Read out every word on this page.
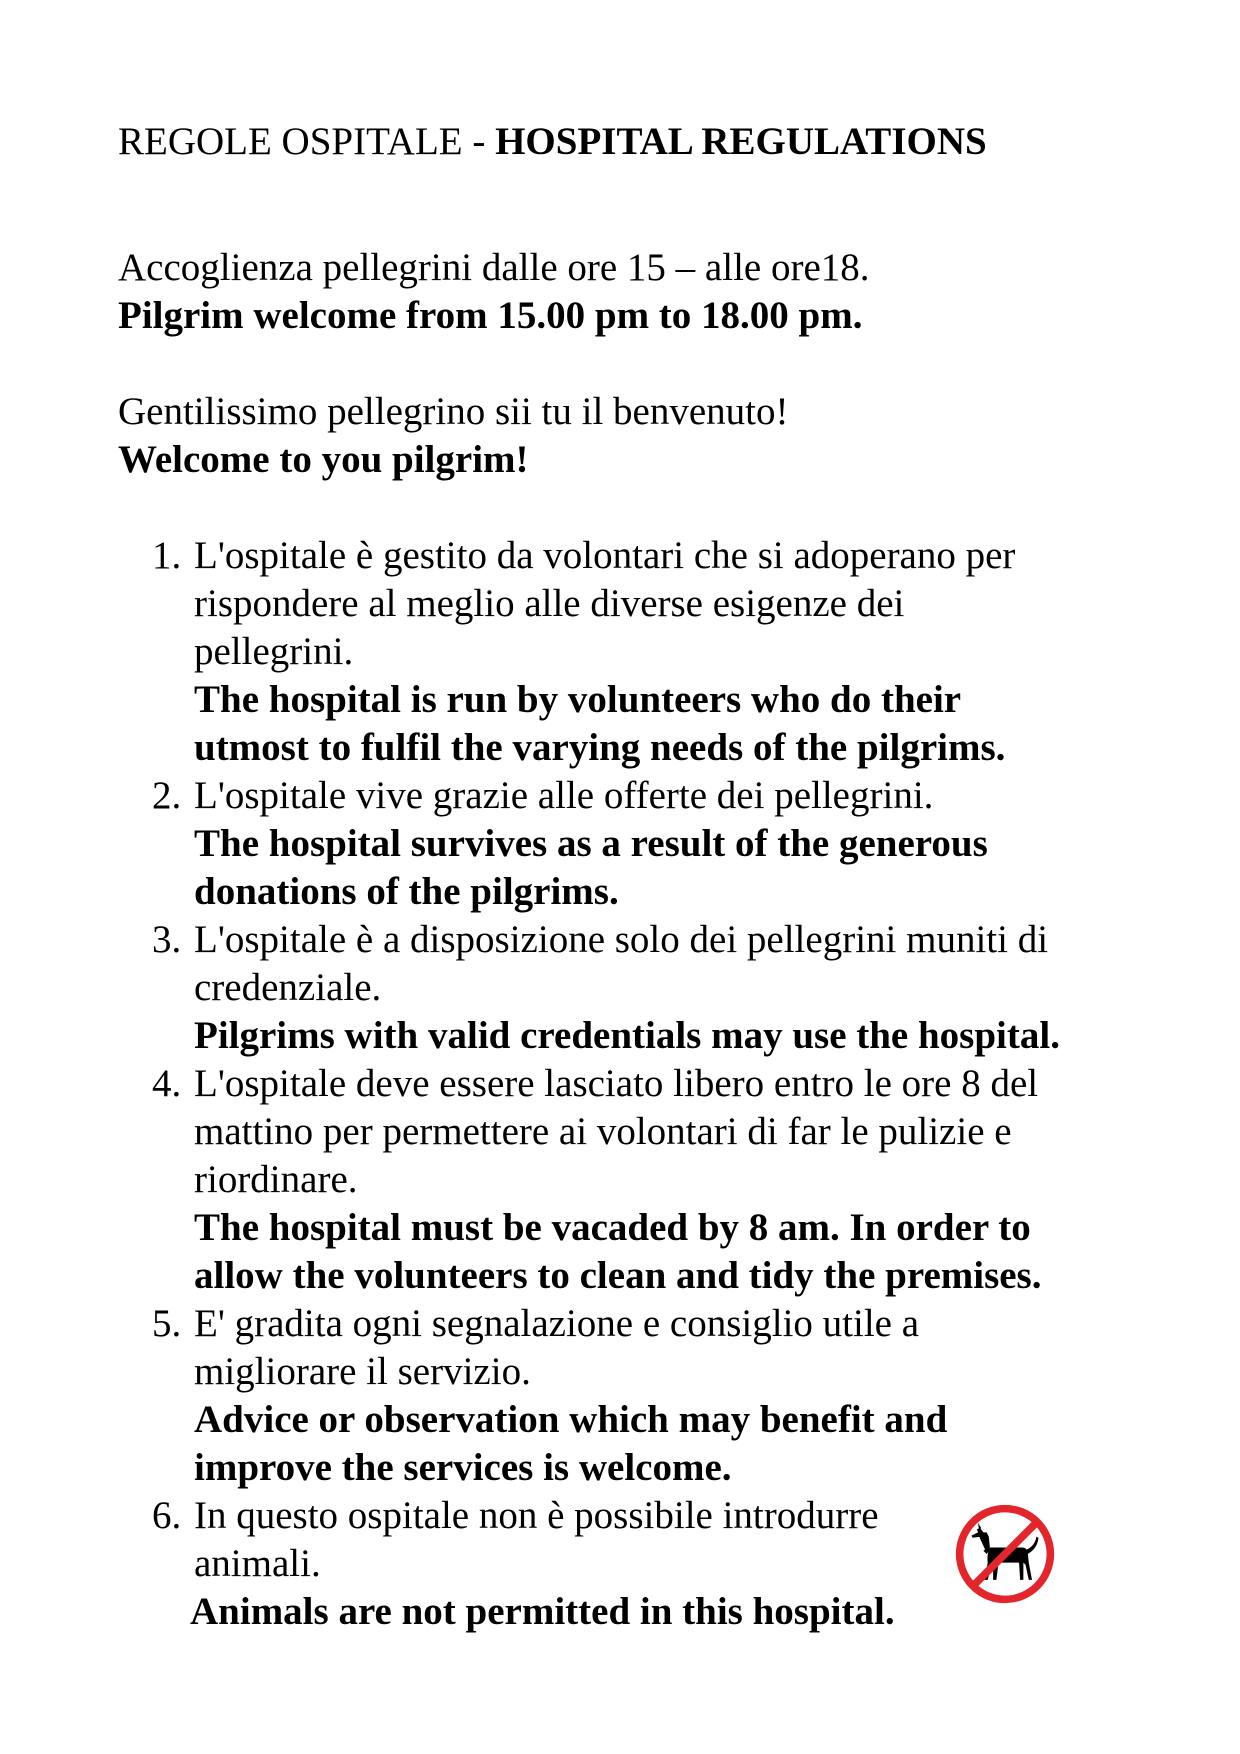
REGOLE OSPITALE - HOSPITAL REGULATIONS
Accoglienza pellegrini dalle ore 15 – alle ore18.
Pilgrim welcome from 15.00 pm to 18.00 pm.
Gentilissimo pellegrino sii tu il benvenuto!
Welcome to you pilgrim!
1. L'ospitale è gestito da volontari che si adoperano per
rispondere al meglio alle diverse esigenze dei
pellegrini.
The hospital is run by volunteers who do their
utmost to fulfil the varying needs of the pilgrims.
2. L'ospitale vive grazie alle offerte dei pellegrini.
The hospital survives as a result of the generous
donations of the pilgrims.
3. L'ospitale è a disposizione solo dei pellegrini muniti di
credenziale.
Pilgrims with valid credentials may use the hospital.
4. L'ospitale deve essere lasciato libero entro le ore 8 del
mattino per permettere ai volontari di far le pulizie e
riordinare.
The hospital must be vacaded by 8 am. In order to
allow the volunteers to clean and tidy the premises.
5. E' gradita ogni segnalazione e consiglio utile a
migliorare il servizio.
Advice or observation which may benefit and
improve the services is welcome.
6. In questo ospitale non è possibile introdurre
animali.
Animals are not permitted in this hospital.
